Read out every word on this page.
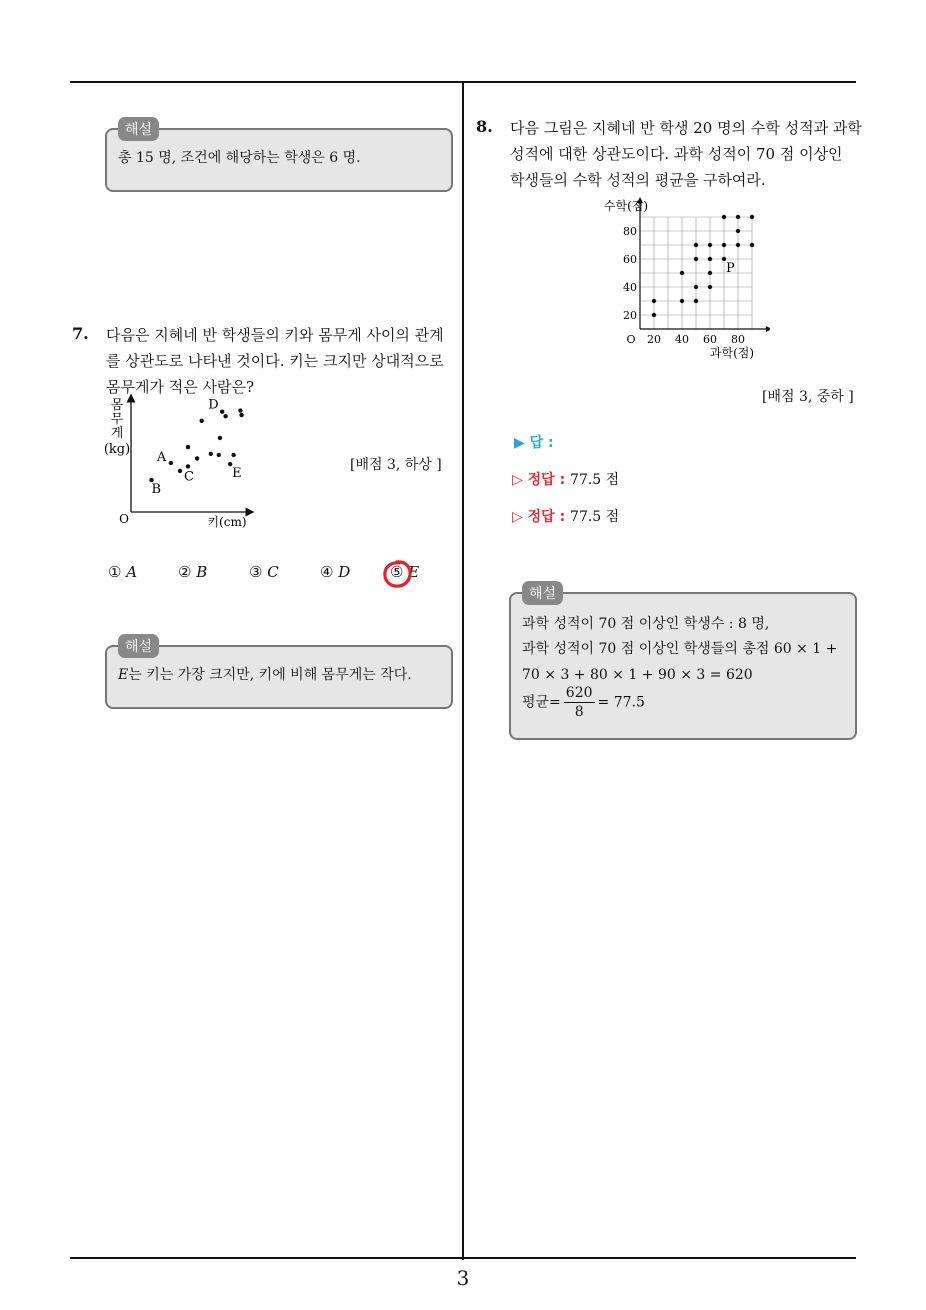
3
해설
총 15 명, 조건에 해당하는 학생은 6 명.
7. 다음은 지혜네 반 학생들의 키와 몸무게 사이의 관계
를 상관도로 나타낸 것이다. 키는 크지만 상대적으로
몸무게가 적은 사람은?
몸
무
게
(kg)
O	키(cm)
A
B
C
D
E
[배점 3, 하상 ]
① A	② B	③ C	④ D	⑤ E
해설
E는 키는 가장 크지만, 키에 비해 몸무게는 작다.
8. 다음 그림은 지혜네 반 학생 20 명의 수학 성적과 과학
성적에 대한 상관도이다. 과학 성적이 70 점 이상인
학생들의 수학 성적의 평균을 구하여라.
20 40 60 80
20
40
60
80
수학(점)
과학(점)
O
P
[배점 3, 중하 ]
▶ 답 :
▷ 정답 : 77.5 점
▷ 정답 : 77.5 점
해설
과학 성적이 70 점 이상인 학생수 : 8 명,
과학 성적이 70 점 이상인 학생들의 총점 60 × 1 +
70 × 3 + 80 × 1 + 90 × 3 = 620
평균= $\frac{620}{8} = 77.5$
